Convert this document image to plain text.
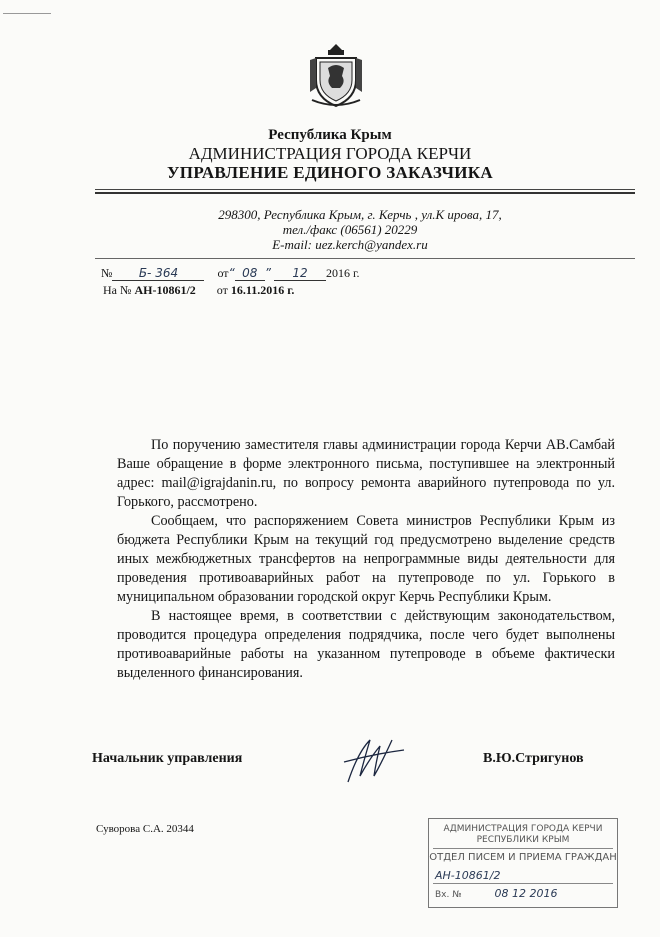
Республика Крым
АДМИНИСТРАЦИЯ ГОРОДА КЕРЧИ
УПРАВЛЕНИЕ ЕДИНОГО ЗАКАЗЧИКА
298300, Республика Крым, г. Керчь , ул.К ирова, 17,
тел./факс (06561) 20229
E-mail: uez.kerch@yandex.ru
№ Б- 364	от“ 08 ” 12 2016 г.
На № АН-10861/2 от 16.11.2016 г.

По поручению заместителя главы администрации города Керчи АВ.Самбай Ваше обращение в форме электронного письма, поступившее на электронный адрес: mail@igrajdanin.ru, по вопросу ремонта аварийного путепровода по ул. Горького, рассмотрено.

Сообщаем, что распоряжением Совета министров Республики Крым из бюджета Республики Крым на текущий год предусмотрено выделение средств иных межбюджетных трансфертов на непрограммные виды деятельности для проведения противоаварийных работ на путепроводе по ул. Горького в муниципальном образовании городской округ Керчь Республики Крым.

В настоящее время, в соответствии с действующим законодательством, проводится процедура определения подрядчика, после чего будет выполнены противоаварийные работы на указанном путепроводе в объеме фактически выделенного финансирования.

Начальник управления	В.Ю.Стригунов
Суворова С.А. 20344	АДМИНИСТРАЦИЯ ГОРОДА КЕРЧИ
РЕСПУБЛИКИ КРЫМ
ОТДЕЛ ПИСЕМ И ПРИЕМА ГРАЖДАН
АН-10861/2
Вх. №	08 12 2016
